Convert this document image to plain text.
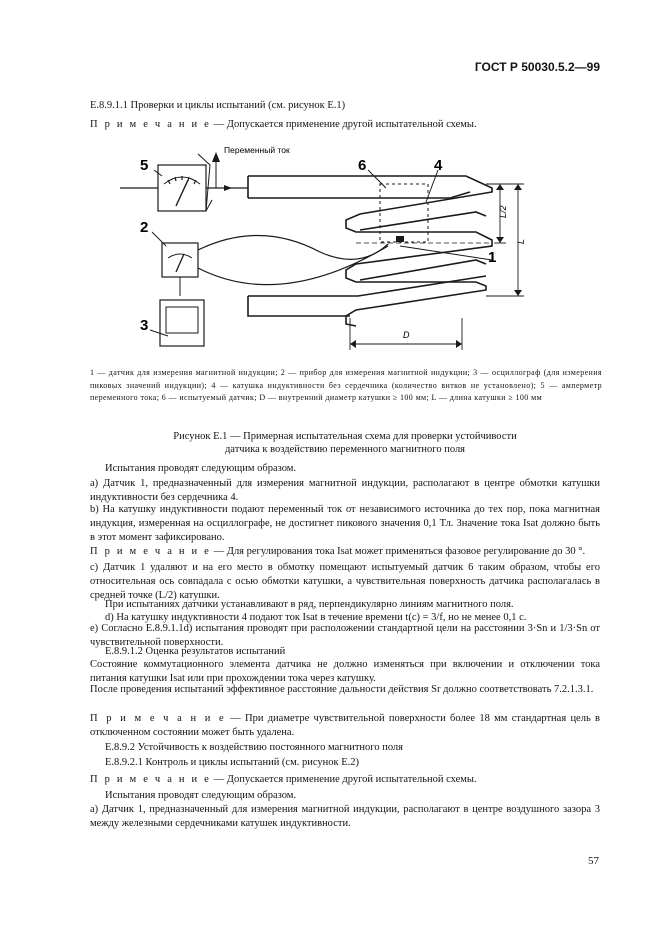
ГОСТ Р 50030.5.2—99

Е.8.9.1.1 Проверки и циклы испытаний (см. рисунок Е.1)

П р и м е ч а н и е — Допускается применение другой испытательной схемы.

Переменный ток
5
2
3
6	4
1
L/2
L
D

1 — датчик для измерения магнитной индукции; 2 — прибор для измерения магнитной индукции; 3 — осциллограф (для измерения пиковых значений индукции); 4 — катушка индуктивности без сердечника (количество витков не установлено); 5 — амперметр переменного тока; 6 — испытуемый датчик; D — внутренний диаметр катушки ≥ 100 мм; L — длина катушки ≥ 100 мм

Рисунок Е.1 — Примерная испытательная схема для проверки устойчивости

датчика к воздействию переменного магнитного поля

Испытания проводят следующим образом.

а) Датчик 1, предназначенный для измерения магнитной индукции, располагают в центре обмотки катушки индуктивности без сердечника 4.

b) На катушку индуктивности подают переменный ток от независимого источника до тех пор, пока магнитная индукция, измеренная на осциллографе, не достигнет пикового значения 0,1 Тл. Значение тока Isat должно быть в этот момент зафиксировано.

П р и м е ч а н и е — Для регулирования тока Isat может применяться фазовое регулирование до 30 °.

с) Датчик 1 удаляют и на его место в обмотку помещают испытуемый датчик 6 таким образом, чтобы его относительная ось совпадала с осью обмотки катушки, а чувствительная поверхность датчика располагалась в средней точке (L/2) катушки.

При испытаниях датчики устанавливают в ряд, перпендикулярно линиям магнитного поля.

d) На катушку индуктивности 4 подают ток Isat в течение времени t(c) = 3/f, но не менее 0,1 с.

е) Согласно Е.8.9.1.1d) испытания проводят при расположении стандартной цели на расстоянии 3·Sn и 1/3·Sn от чувствительной поверхности.

Е.8.9.1.2 Оценка результатов испытаний

Состояние коммутационного элемента датчика не должно изменяться при включении и отключении тока питания катушки Isat или при прохождении тока через катушку.

После проведения испытаний эффективное расстояние дальности действия Sr должно соответствовать 7.2.1.3.1.

П р и м е ч а н и е — При диаметре чувствительной поверхности более 18 мм стандартная цель в отключенном состоянии может быть удалена.

Е.8.9.2 Устойчивость к воздействию постоянного магнитного поля

Е.8.9.2.1 Контроль и циклы испытаний (см. рисунок Е.2)

П р и м е ч а н и е — Допускается применение другой испытательной схемы.

Испытания проводят следующим образом.

а) Датчик 1, предназначенный для измерения магнитной индукции, располагают в центре воздушного зазора 3 между железными сердечниками катушек индуктивности.

57
